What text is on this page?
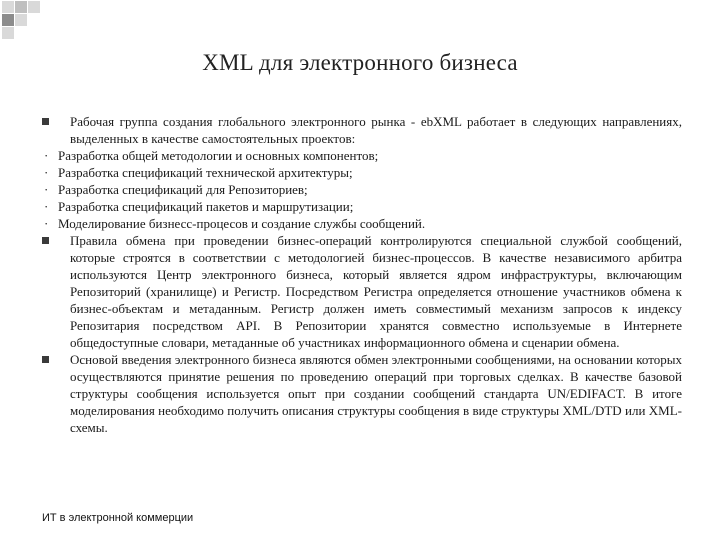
XML для электронного бизнеса
Рабочая группа создания глобального электронного рынка - ebXML работает в следующих направлениях, выделенных в качестве самостоятельных проектов:
· Разработка общей методологии и основных компонентов;
· Разработка спецификаций технической архитектуры;
· Разработка спецификаций для Репозиториев;
· Разработка спецификаций пакетов и маршрутизации;
· Моделирование бизнесс-процесов и создание службы сообщений.
Правила обмена при проведении бизнес-операций контролируются специальной службой сообщений, которые строятся в соответствии с методологией бизнес-процессов. В качестве независимого арбитра используются Центр электронного бизнеса, который является ядром инфраструктуры, включающим Репозиторий (хранилище) и Регистр. Посредством Регистра определяется отношение участников обмена к бизнес-объектам и метаданным. Регистр должен иметь совместимый механизм запросов к индексу Репозитария посредством API. В Репозитории хранятся совместно используемые в Интернете общедоступные словари, метаданные об участниках информационного обмена и сценарии обмена.
Основой введения электронного бизнеса являются обмен электронными сообщениями, на основании которых осуществляются принятие решения по проведению операций при торговых сделках. В качестве базовой структуры сообщения используется опыт при создании сообщений стандарта UN/EDIFACT. В итоге моделирования необходимо получить описания структуры сообщения в виде структуры XML/DTD или XML-схемы.
ИТ в электронной коммерции
